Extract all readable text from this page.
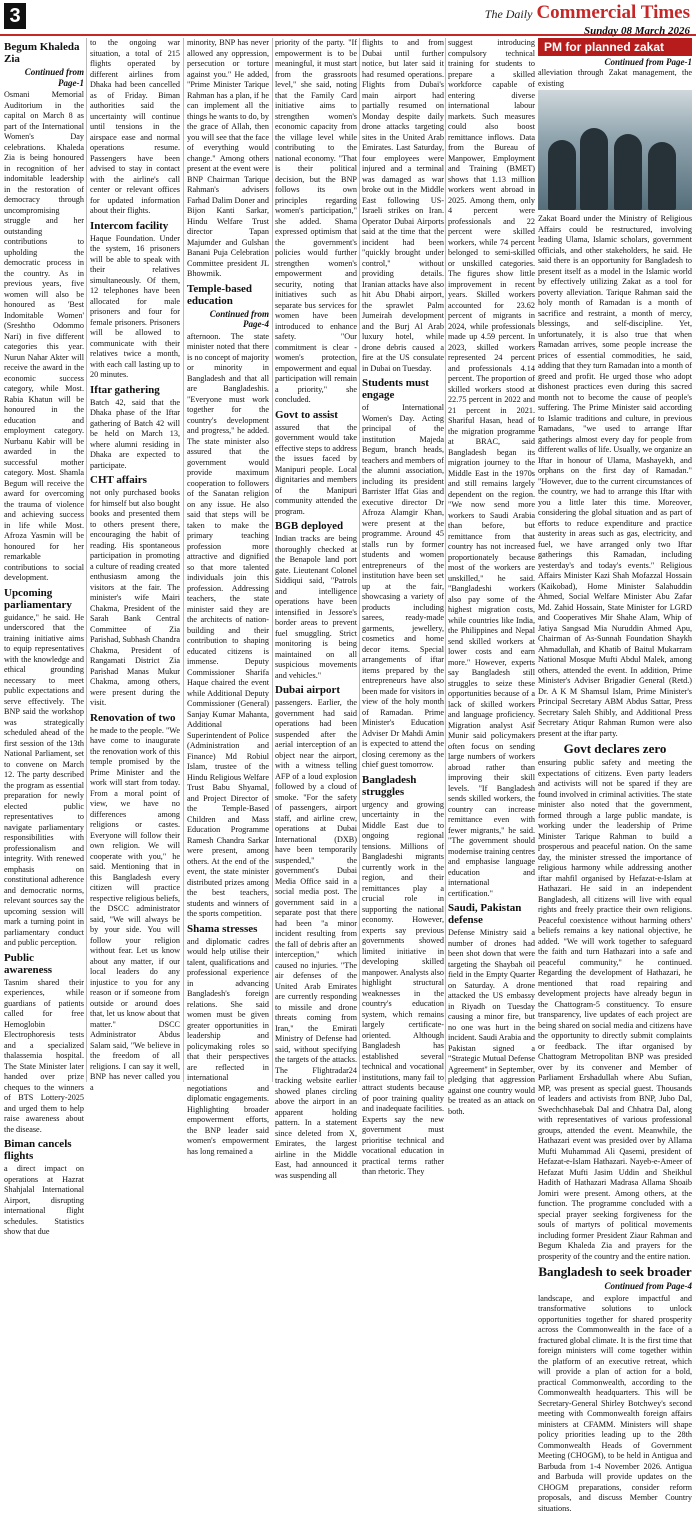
3	The Daily Commercial Times
Sunday 08 March 2026
Begum Khaleda Zia
Continued from Page-1

Osmani Memorial Auditorium in the capital on March 8 as part of the International Women's Day celebrations. Khaleda Zia is being honoured in recognition of her indomitable leadership in the restoration of democracy through uncompromising struggle and her outstanding contributions to upholding the democratic process in the country. As in previous years, five women will also be honoured as 'Best Indomitable Women' (Sreshtho Odommo Nari) in five different categories this year. Nurun Nahar Akter will receive the award in the economic success category, while Most. Rabia Khatun will be honoured in the education and employment category. Nurbanu Kabir will be awarded in the successful mother category. Most. Shamla Begum will receive the award for overcoming the trauma of violence and achieving success in life while Most. Afroza Yasmin will be honoured for her remarkable contributions to social development.

Upcoming parliamentary

guidance," he said. He underscored that the training initiative aims to equip representatives with the knowledge and ethical grounding necessary to meet public expectations and serve effectively. The BNP said the workshop was strategically scheduled ahead of the first session of the 13th National Parliament, set to convene on March 12. The party described the program as essential preparation for newly elected public representatives to navigate parliamentary responsibilities with professionalism and integrity. With renewed emphasis on constitutional adherence and democratic norms, relevant sources say the upcoming session will mark a turning point in parliamentary conduct and public perception.

Public awareness

Tasnim shared their experiences, while guardians of patients called for free Hemoglobin Electrophoresis tests and a specialized thalassemia hospital. The State Minister later handed over prize cheques to the winners of BTS Lottery-2025 and urged them to help raise awareness about the disease.

Biman cancels flights

a direct impact on operations at Hazrat Shahjalal International Airport, disrupting international flight schedules. Statistics show that due

to the ongoing war situation, a total of 215 flights operated by different airlines from Dhaka had been cancelled as of Friday. Biman authorities said the uncertainty will continue until tensions in the airspace ease and normal operations resume. Passengers have been advised to stay in contact with the airline's call center or relevant offices for updated information about their flights.

Intercom facility

Haque Foundation. Under the system, 16 prisoners will be able to speak with their relatives simultaneously. Of them, 12 telephones have been allocated for male prisoners and four for female prisoners. Prisoners will be allowed to communicate with their relatives twice a month, with each call lasting up to 20 minutes.

Iftar gathering

Batch 42, said that the Dhaka phase of the Iftar gathering of Batch 42 will be held on March 13, where alumni residing in Dhaka are expected to participate.

CHT affairs

not only purchased books for himself but also bought books and presented them to others present there, encouraging the habit of reading. His spontaneous participation in promoting a culture of reading created enthusiasm among the visitors at the fair. The minister's wife Mairi Chakma, President of the Sarah Bank Central Committee of Zia Parishad, Subhash Chandra Chakma, President of Rangamati District Zia Parishad Manas Mukur Chakma, among others, were present during the visit.

Renovation of two

he made to the people. "We have come to inaugurate the renovation work of this temple promised by the Prime Minister and the work will start from today. From a moral point of view, we have no differences among religions or castes. Everyone will follow their own religion. We will cooperate with you," he said. Mentioning that in this Bangladesh every citizen will practice respective religious beliefs, the DSCC administrator said, "We will always be by your side. You will follow your religion without fear. Let us know about any matter, if our local leaders do any injustice to you for any reason or if someone from outside or around does that, let us know about that matter." DSCC Administrator Abdus Salam said, "We believe in the freedom of all religions. I can say it well, BNP has never called you a

minority, BNP has never allowed any oppression, persecution or torture against you." He added, "Prime Minister Tarique Rahman has a plan, if he can implement all the things he wants to do, by the grace of Allah, then you will see that the face of everything would change." Among others present at the event were BNP Chairman Tarique Rahman's advisers Farhad Dalim Doner and Bijon Kanti Sarkar, Hindu Welfare Trust director Tapan Majumder and Gulshan Banani Puja Celebration Committee president JL Bhowmik.

Temple-based education
Continued from Page-4

afternoon. The state minister noted that there is no concept of majority or minority in Bangladesh and that all are Bangladeshis. "Everyone must work together for the country's development and progress," he added. The state minister also assured that the government would provide maximum cooperation to followers of the Sanatan religion on any issue. He also said that steps will be taken to make the primary teaching profession more attractive and dignified so that more talented individuals join this profession. Addressing teachers, the state minister said they are the architects of nation-building and their contribution to shaping educated citizens is immense. Deputy Commissioner Sharifa Haque chaired the event while Additional Deputy Commissioner (General) Sanjay Kumar Mahanta, Additional Superintendent of Police (Administration and Finance) Md Robiul Islam, trustee of the Hindu Religious Welfare Trust Babu Shyamal, and Project Director of the Temple-Based Children and Mass Education Programme Ramesh Chandra Sarkar were present, among others. At the end of the event, the state minister distributed prizes among the best teachers, students and winners of the sports competition.

Shama stresses

and diplomatic cadres would help utilise their talent, qualifications and professional experience in advancing Bangladesh's foreign relations. She said women must be given greater opportunities in leadership and policymaking roles so that their perspectives are reflected in international negotiations and diplomatic engagements. Highlighting broader empowerment efforts, the BNP leader said women's empowerment has long remained a

priority of the party. "If empowerment is to be meaningful, it must start from the grassroots level," she said, noting that the Family Card initiative aims to strengthen women's economic capacity from the village level while contributing to the national economy. "That is their political decision, but the BNP follows its own principles regarding women's participation," she added. Shama expressed optimism that the government's policies would further strengthen women's empowerment and security, noting that initiatives such as separate bus services for women have been introduced to enhance safety. "Our commitment is clear - women's protection, empowerment and equal participation will remain a priority," she concluded.

Govt to assist

assured that the government would take effective steps to address the issues faced by Manipuri people. Local dignitaries and members of the Manipuri community attended the program.

BGB deployed

Indian tracks are being thoroughly checked at the Benapole land port gate. Lieutenant Colonel Siddiqui said, "Patrols and intelligence operations have been intensified in Jessore's border areas to prevent fuel smuggling. Strict monitoring is being maintained on all suspicious movements and vehicles."

Dubai airport

passengers. Earlier, the government had said operations had been suspended after the aerial interception of an object near the airport, with a witness telling AFP of a loud explosion followed by a cloud of smoke. "For the safety of passengers, airport staff, and airline crew, operations at Dubai International (DXB) have been temporarily suspended," the government's Dubai Media Office said in a social media post. The government said in a separate post that there had been "a minor incident resulting from the fall of debris after an interception," which caused no injuries. "The air defenses of the United Arab Emirates are currently responding to missile and drone threats coming from Iran," the Emirati Ministry of Defense had said, without specifying the targets of the attacks. The Flightradar24 tracking website earlier showed planes circling above the airport in an apparent holding pattern. In a statement since deleted from X, Emirates, the largest airline in the Middle East, had announced it was suspending all

flights to and from Dubai until further notice, but later said it had resumed operations. Flights from Dubai's main airport had partially resumed on Monday despite daily drone attacks targeting sites in the United Arab Emirates. Last Saturday, four employees were injured and a terminal was damaged as war broke out in the Middle East following US-Israeli strikes on Iran. Operator Dubai Airports said at the time that the incident had been "quickly brought under control," without providing details. Iranian attacks have also hit Abu Dhabi airport, the sprawlet Palm Jumeirah development and the Burj Al Arab luxury hotel, while drone debris caused a fire at the US consulate in Dubai on Tuesday.

Students must engage

of International Women's Day. Acting principal of the institution Majeda Begum, branch heads, teachers and members of the alumni association, including its president Barrister Iffat Gias and executive director Dr Afroza Alamgir Khan, were present at the programme. Around 45 stalls run by former students and women entrepreneurs of the institution have been set up at the fair, showcasing a variety of products including sarees, ready-made garments, jewellery, cosmetics and home decor items. Special arrangements of iftar items prepared by the entrepreneurs have also been made for visitors in view of the holy month of Ramadan. Prime Minister's Education Adviser Dr Mahdi Amin is expected to attend the closing ceremony as the chief guest tomorrow.

Bangladesh struggles

urgency and growing uncertainty in the Middle East due to ongoing regional tensions. Millions of Bangladeshi migrants currently work in the region, and their remittances play a crucial role in supporting the national economy. However, experts say previous governments showed limited initiative in developing skilled manpower. Analysts also highlight structural weaknesses in the country's education system, which remains largely certificate-oriented. Although Bangladesh has established several technical and vocational institutions, many fail to attract students because of poor training quality and inadequate facilities. Experts say the new government must prioritise technical and vocational education in practical terms rather than rhetoric. They

suggest introducing compulsory technical training for students to prepare a skilled workforce capable of entering diverse international labour markets. Such measures could also boost remittance inflows. Data from the Bureau of Manpower, Employment and Training (BMET) shows that 1.13 million workers went abroad in 2025. Among them, only 4 percent were professionals and 22 percent were skilled workers, while 74 percent belonged to semi-skilled or unskilled categories. The figures show little improvement in recent years. Skilled workers accounted for 23.62 percent of migrants in 2024, while professionals made up 4.59 percent. In 2023, skilled workers represented 24 percent and professionals 4.14 percent. The proportion of skilled workers stood at 22.75 percent in 2022 and 21 percent in 2021. Shariful Hasan, head of the migration programme at BRAC, said Bangladesh began its migration journey to the Middle East in the 1970s and still remains largely dependent on the region. "We now send more workers to Saudi Arabia than before, but remittance from that country has not increased proportionately because most of the workers are unskilled," he said. "Bangladeshi workers also pay some of the highest migration costs, while countries like India, the Philippines and Nepal send skilled workers at lower costs and earn more." However, experts say Bangladesh still struggles to seize these opportunities because of a lack of skilled workers and language proficiency. Migration analyst Asif Munir said policymakers often focus on sending large numbers of workers abroad rather than improving their skill levels. "If Bangladesh sends skilled workers, the country can increase remittance even with fewer migrants," he said. "The government should modernise training centres and emphasise language education and international certification."

Saudi, Pakistan defense

Defense Ministry said a number of drones had been shot down that were targeting the Shaybah oil field in the Empty Quarter on Saturday. A drone attacked the US embassy in Riyadh on Tuesday causing a minor fire, but no one was hurt in the incident. Saudi Arabia and Pakistan signed a "Strategic Mutual Defense Agreement" in September, pledging that aggression against one country would be treated as an attack on both.

PM for planned zakat managemen
Continued from Page-1

alleviation through Zakat management, the existing

Zakat Board under the Ministry of Religious Affairs could be restructured, involving leading Ulama, Islamic scholars, government officials, and other stakeholders, he said. He said there is an opportunity for Bangladesh to present itself as a model in the Islamic world by effectively utilizing Zakat as a tool for poverty alleviation. Tarique Rahman said the holy month of Ramadan is a month of sacrifice and restraint, a month of mercy, blessings, and self-discipline. Yet, unfortunately, it is also true that when Ramadan arrives, some people increase the prices of essential commodities, he said, adding that they turn Ramadan into a month of greed and profit. He urged those who adopt dishonest practices even during this sacred month not to become the cause of people's suffering. The Prime Minister said according to Islamic traditions and culture, in previous Ramadans, "we used to arrange Iftar gatherings almost every day for people from different walks of life. Usually, we organize an Iftar in honour of Ulama, Mashayekh, and orphans on the first day of Ramadan." "However, due to the current circumstances of the country, we had to arrange this Iftar with you a little later this time. Moreover, considering the global situation and as part of efforts to reduce expenditure and practice austerity in areas such as gas, electricity, and fuel, we have arranged only two Iftar gatherings this Ramadan, including yesterday's and today's events." Religious Affairs Minister Kazi Shah Mofazzal Hossain (Kaikobad), Home Minister Salahuddin Ahmed, Social Welfare Minister Abu Zafar Md. Zahid Hossain, State Minister for LGRD and Cooperatives Mir Shahe Alam, Whip of Jatiya Sangsad Mia Nuruddin Ahmed Apu, Chairman of As-Sunnah Foundation Shaykh Ahmadullah, and Khatib of Baitul Mukarram National Mosque Mufti Abdul Malek, among others, attended the event. In addition, Prime Minister's Adviser Brigadier General (Retd.) Dr. A K M Shamsul Islam, Prime Minister's Principal Secretary ABM Abdus Sattar, Press Secretary Saleh Shibly, and Additional Press Secretary Atiqur Rahman Rumon were also present at the iftar party.

Govt declares zero

ensuring public safety and meeting the expectations of citizens. Even party leaders and activists will not be spared if they are found involved in criminal activities. The state minister also noted that the government, formed through a large public mandate, is working under the leadership of Prime Minister Tarique Rahman to build a prosperous and peaceful nation. On the same day, the minister stressed the importance of religious harmony while addressing another iftar mahfil organised by Hefazat-e-Islam at Hathazari. He said in an independent Bangladesh, all citizens will live with equal rights and freely practice their own religions. Peaceful coexistence without harming others' beliefs remains a key national objective, he added. "We will work together to safeguard the faith and turn Hathazari into a safe and peaceful community," he continued. Regarding the development of Hathazari, he mentioned that road repairing and development projects have already begun in the Chattogram-5 constituency. To ensure transparency, live updates of each project are being shared on social media and citizens have the opportunity to directly submit complaints or feedback. The iftar organised by Chattogram Metropolitan BNP was presided over by its convener and Member of Parliament Ershadullah where Abu Sufian, MP, was present as special guest. Thousands of leaders and activists from BNP, Jubo Dal, Swechchhasebak Dal and Chhatra Dal, along with representatives of various professional groups, attended the event. Meanwhile, the Hathazari event was presided over by Allama Mufti Muhammad Ali Qasemi, president of Hefazat-e-Islam Hathazari. Nayeb-e-Ameer of Hefazat Mufti Jasim Uddin and Sheikhul Hadith of Hathazari Madrasa Allama Shoaib Jomiri were present. Among others, at the function. The programme concluded with a special prayer seeking forgiveness for the souls of martyrs of political movements including former President Ziaur Rahman and Begum Khaleda Zia and prayers for the prosperity of the country and the entire nation.

Bangladesh to seek broader
Continued from Page-4

landscape, and explore impactful and transformative solutions to unlock opportunities together for shared prosperity across the Commonwealth in the face of a fractured global climate. It is the first time that foreign ministers will come together within the platform of an executive retreat, which will provide a plan of action for a bold, practical Commonwealth, according to the Commonwealth headquarters. This will be Secretary-General Shirley Botchwey's second meeting with Commonwealth foreign affairs ministers at CFAMM. Ministers will shape policy priorities leading up to the 28th Commonwealth Heads of Government Meeting (CHOGM), to be held in Antigua and Barbuda from 1-4 November 2026. Antigua and Barbuda will provide updates on the CHOGM preparations, consider reform proposals, and discuss Member Country situations.
